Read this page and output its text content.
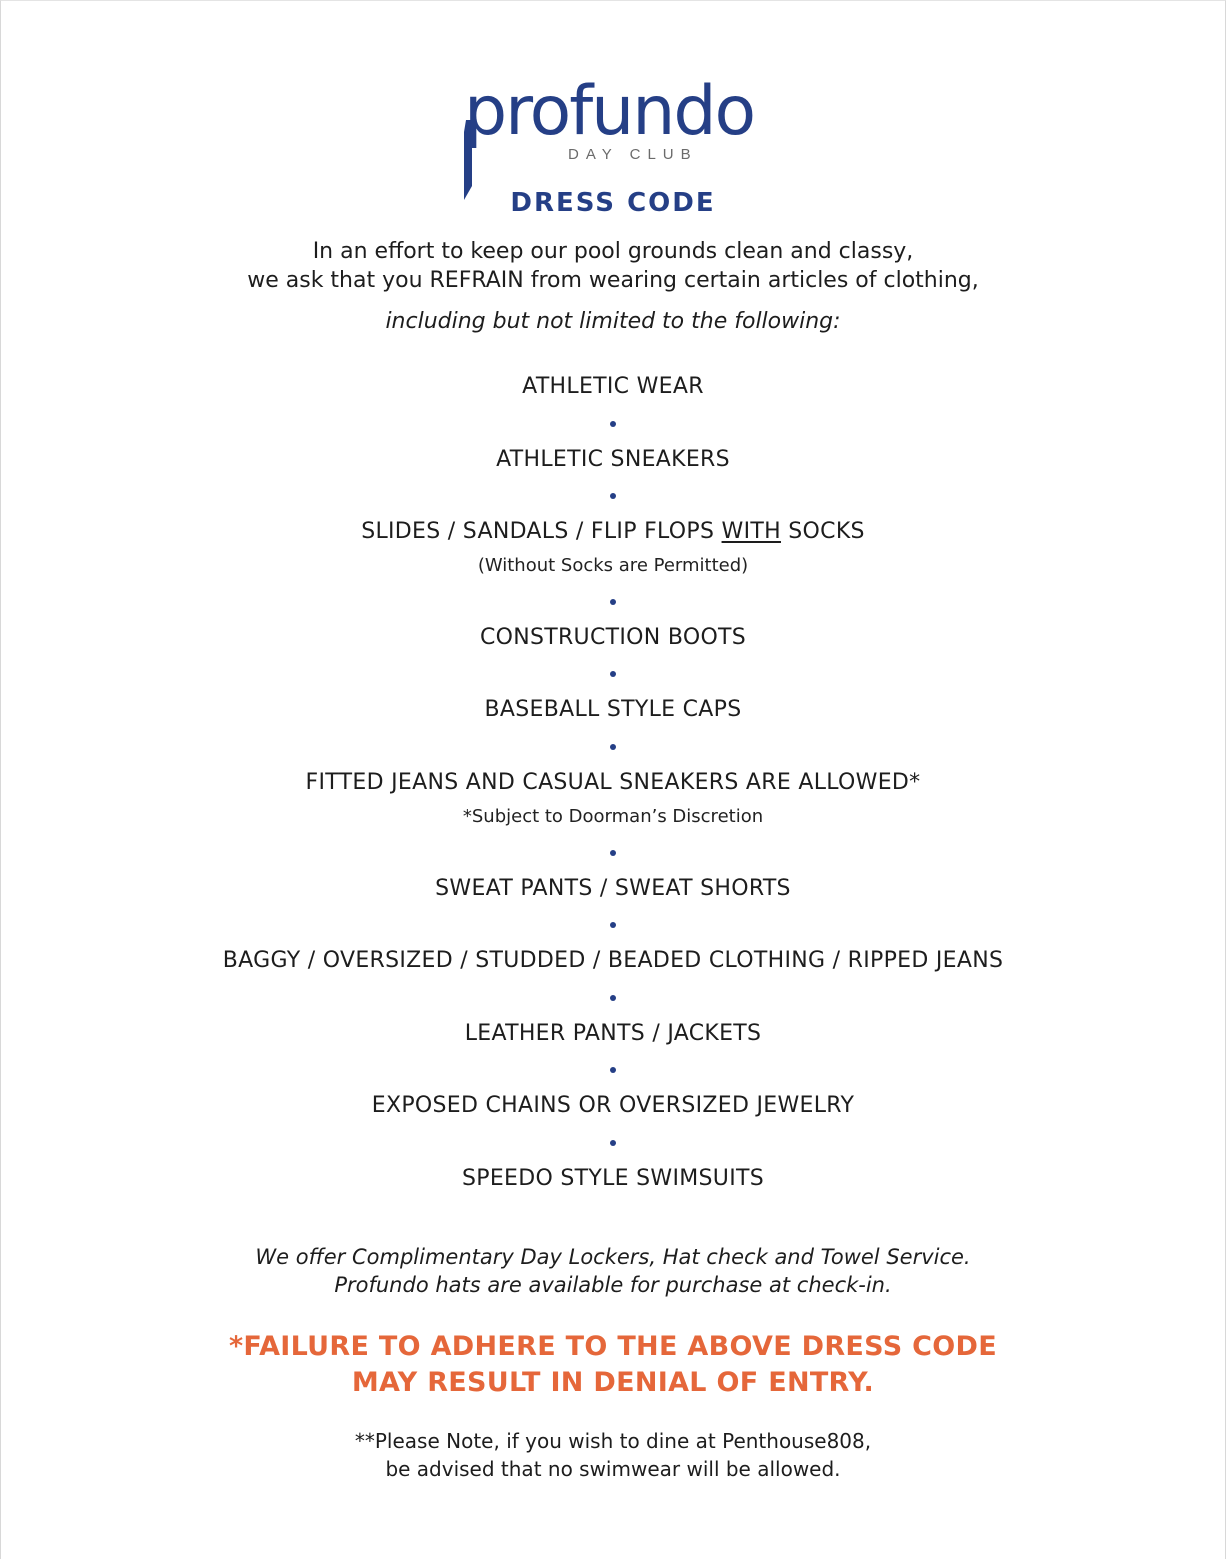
profundo
DAY CLUB
DRESS CODE

In an effort to keep our pool grounds clean and classy,

we ask that you REFRAIN from wearing certain articles of clothing,

including but not limited to the following:

ATHLETIC WEAR

ATHLETIC SNEAKERS

SLIDES / SANDALS / FLIP FLOPS WITH SOCKS

(Without Socks are Permitted)

CONSTRUCTION BOOTS

BASEBALL STYLE CAPS

FITTED JEANS AND CASUAL SNEAKERS ARE ALLOWED*

*Subject to Doorman’s Discretion

SWEAT PANTS / SWEAT SHORTS

BAGGY / OVERSIZED / STUDDED / BEADED CLOTHING / RIPPED JEANS

LEATHER PANTS / JACKETS

EXPOSED CHAINS OR OVERSIZED JEWELRY

SPEEDO STYLE SWIMSUITS

We offer Complimentary Day Lockers, Hat check and Towel Service.

Profundo hats are available for purchase at check-in.

*FAILURE TO ADHERE TO THE ABOVE DRESS CODE

MAY RESULT IN DENIAL OF ENTRY.

**Please Note, if you wish to dine at Penthouse808,

be advised that no swimwear will be allowed.
